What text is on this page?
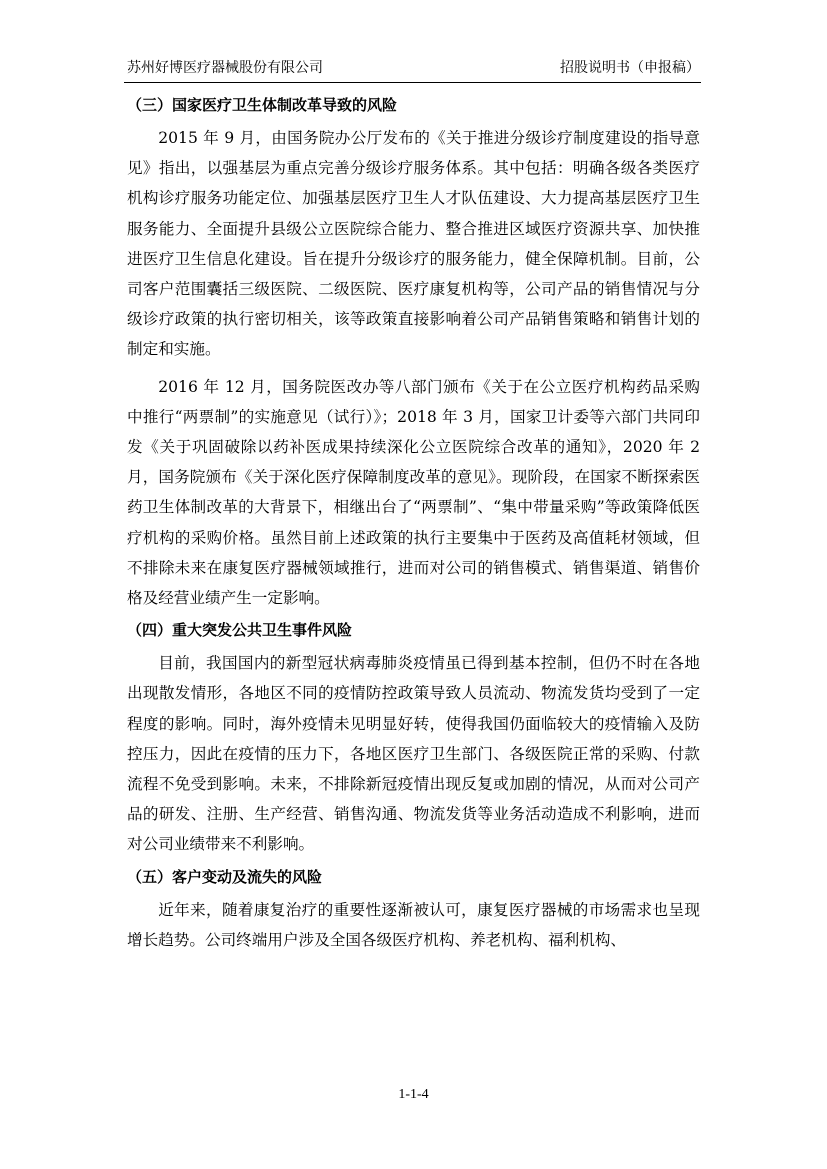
苏州好博医疗器械股份有限公司	招股说明书（申报稿）
（三）国家医疗卫生体制改革导致的风险

2015 年 9 月，由国务院办公厅发布的《关于推进分级诊疗制度建设的指导意见》指出，以强基层为重点完善分级诊疗服务体系。其中包括：明确各级各类医疗机构诊疗服务功能定位、加强基层医疗卫生人才队伍建设、大力提高基层医疗卫生服务能力、全面提升县级公立医院综合能力、整合推进区域医疗资源共享、加快推进医疗卫生信息化建设。旨在提升分级诊疗的服务能力，健全保障机制。目前，公司客户范围囊括三级医院、二级医院、医疗康复机构等，公司产品的销售情况与分级诊疗政策的执行密切相关，该等政策直接影响着公司产品销售策略和销售计划的制定和实施。

2016 年 12 月，国务院医改办等八部门颁布《关于在公立医疗机构药品采购中推行“两票制”的实施意见（试行）》；2018 年 3 月，国家卫计委等六部门共同印发《关于巩固破除以药补医成果持续深化公立医院综合改革的通知》，2020 年 2 月，国务院颁布《关于深化医疗保障制度改革的意见》。现阶段，在国家不断探索医药卫生体制改革的大背景下，相继出台了“两票制”、“集中带量采购”等政策降低医疗机构的采购价格。虽然目前上述政策的执行主要集中于医药及高值耗材领域，但不排除未来在康复医疗器械领域推行，进而对公司的销售模式、销售渠道、销售价格及经营业绩产生一定影响。

（四）重大突发公共卫生事件风险

目前，我国国内的新型冠状病毒肺炎疫情虽已得到基本控制，但仍不时在各地出现散发情形，各地区不同的疫情防控政策导致人员流动、物流发货均受到了一定程度的影响。同时，海外疫情未见明显好转，使得我国仍面临较大的疫情输入及防控压力，因此在疫情的压力下，各地区医疗卫生部门、各级医院正常的采购、付款流程不免受到影响。未来，不排除新冠疫情出现反复或加剧的情况，从而对公司产品的研发、注册、生产经营、销售沟通、物流发货等业务活动造成不利影响，进而对公司业绩带来不利影响。

（五）客户变动及流失的风险

近年来，随着康复治疗的重要性逐渐被认可，康复医疗器械的市场需求也呈现增长趋势。公司终端用户涉及全国各级医疗机构、养老机构、福利机构、

1-1-4
